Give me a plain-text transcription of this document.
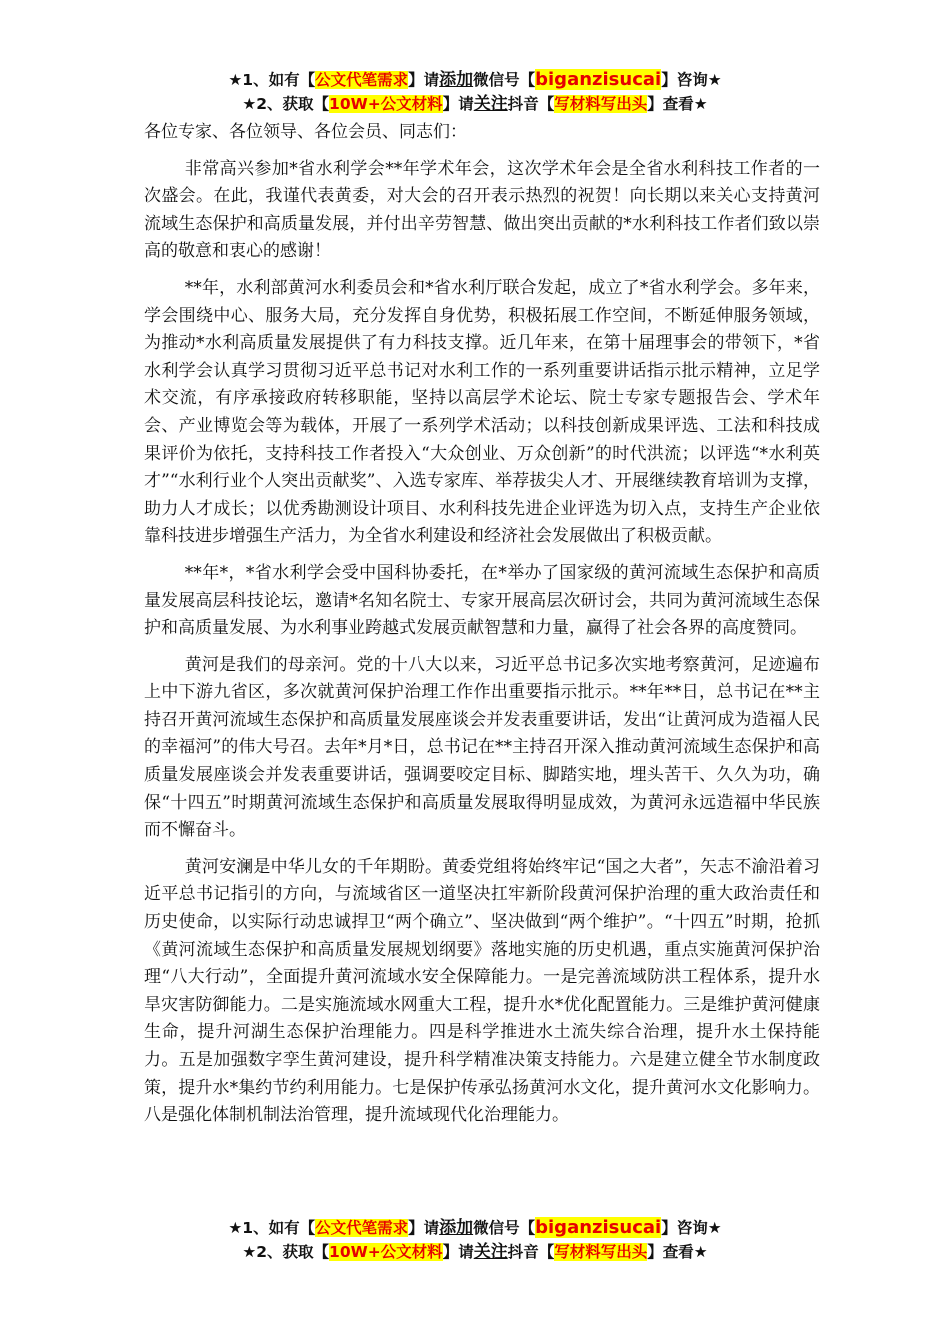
★1、如有【公文代笔需求】请添加微信号【biganzisucai】咨询★
★2、获取【10W+公文材料】请关注抖音【写材料写出头】查看★

各位专家、各位领导、各位会员、同志们：

非常高兴参加*省水利学会**年学术年会，这次学术年会是全省水利科技工作者的一次盛会。在此，我谨代表黄委，对大会的召开表示热烈的祝贺！向长期以来关心支持黄河流域生态保护和高质量发展，并付出辛劳智慧、做出突出贡献的*水利科技工作者们致以崇高的敬意和衷心的感谢！

**年，水利部黄河水利委员会和*省水利厅联合发起，成立了*省水利学会。多年来，学会围绕中心、服务大局，充分发挥自身优势，积极拓展工作空间，不断延伸服务领域，为推动*水利高质量发展提供了有力科技支撑。近几年来，在第十届理事会的带领下，*省水利学会认真学习贯彻习近平总书记对水利工作的一系列重要讲话指示批示精神，立足学术交流，有序承接政府转移职能，坚持以高层学术论坛、院士专家专题报告会、学术年会、产业博览会等为载体，开展了一系列学术活动；以科技创新成果评选、工法和科技成果评价为依托，支持科技工作者投入“大众创业、万众创新”的时代洪流；以评选“*水利英才”“水利行业个人突出贡献奖”、入选专家库、举荐拔尖人才、开展继续教育培训为支撑，助力人才成长；以优秀勘测设计项目、水利科技先进企业评选为切入点，支持生产企业依靠科技进步增强生产活力，为全省水利建设和经济社会发展做出了积极贡献。

**年*，*省水利学会受中国科协委托，在*举办了国家级的黄河流域生态保护和高质量发展高层科技论坛，邀请*名知名院士、专家开展高层次研讨会，共同为黄河流域生态保护和高质量发展、为水利事业跨越式发展贡献智慧和力量，赢得了社会各界的高度赞同。

黄河是我们的母亲河。党的十八大以来，习近平总书记多次实地考察黄河，足迹遍布上中下游九省区，多次就黄河保护治理工作作出重要指示批示。**年**日，总书记在**主持召开黄河流域生态保护和高质量发展座谈会并发表重要讲话，发出“让黄河成为造福人民的幸福河”的伟大号召。去年*月*日，总书记在**主持召开深入推动黄河流域生态保护和高质量发展座谈会并发表重要讲话，强调要咬定目标、脚踏实地，埋头苦干、久久为功，确保“十四五”时期黄河流域生态保护和高质量发展取得明显成效，为黄河永远造福中华民族而不懈奋斗。

黄河安澜是中华儿女的千年期盼。黄委党组将始终牢记“国之大者”，矢志不渝沿着习近平总书记指引的方向，与流域省区一道坚决扛牢新阶段黄河保护治理的重大政治责任和历史使命，以实际行动忠诚捍卫“两个确立”、坚决做到“两个维护”。“十四五”时期，抢抓《黄河流域生态保护和高质量发展规划纲要》落地实施的历史机遇，重点实施黄河保护治理“八大行动”，全面提升黄河流域水安全保障能力。一是完善流域防洪工程体系，提升水旱灾害防御能力。二是实施流域水网重大工程，提升水*优化配置能力。三是维护黄河健康生命，提升河湖生态保护治理能力。四是科学推进水土流失综合治理，提升水土保持能力。五是加强数字孪生黄河建设，提升科学精准决策支持能力。六是建立健全节水制度政策，提升水*集约节约利用能力。七是保护传承弘扬黄河水文化，提升黄河水文化影响力。八是强化体制机制法治管理，提升流域现代化治理能力。

★1、如有【公文代笔需求】请添加微信号【biganzisucai】咨询★
★2、获取【10W+公文材料】请关注抖音【写材料写出头】查看★
